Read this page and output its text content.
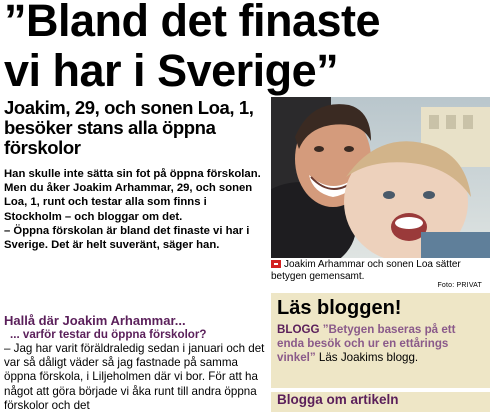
”Bland det finaste
vi har i Sverige”
Joakim, 29, och sonen Loa, 1, besöker stans alla öppna förskolor

Han skulle inte sätta sin fot på öppna förskolan.

Men du åker Joakim Arhammar, 29, och sonen Loa, 1, runt och testar alla som finns i Stockholm – och bloggar om det.

– Öppna förskolan är bland det finaste vi har i Sverige. Det är helt suveränt, säger han.

Hallå där Joakim Arhammar...
... varför testar du öppna förskolor?
– Jag har varit föräldraledig sedan i januari och det var så dåligt väder så jag fastnade på samma öppna förskola, i Liljeholmen där vi bor. För att ha något att göra började vi åka runt till andra öppna förskolor och det
Joakim Arhammar och sonen Loa sätter betygen gemensamt.
Foto: PRIVAT
Läs bloggen!
BLOGG ”Betygen baseras på ett enda besök och ur en ettårings vinkel” Läs Joakims blogg.
Blogga om artikeln
